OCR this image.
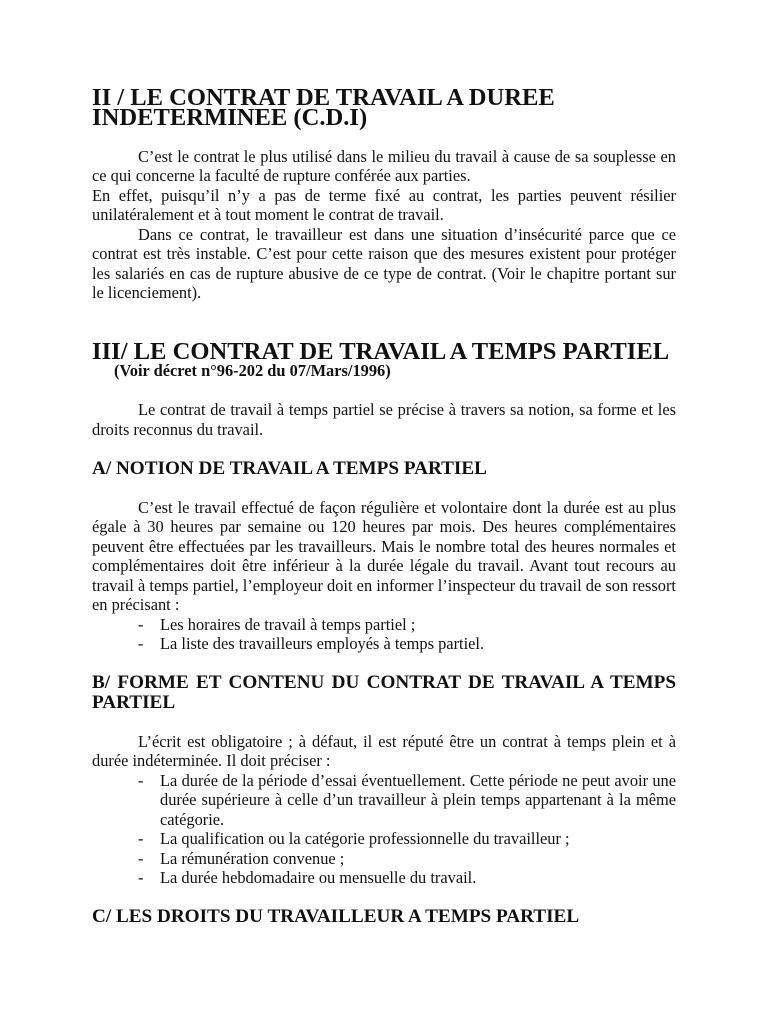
II / LE CONTRAT DE TRAVAIL A DUREE INDETERMINEE (C.D.I)

C’est le contrat le plus utilisé dans le milieu du travail à cause de sa souplesse en ce qui concerne la faculté de rupture conférée aux parties.

En effet, puisqu’il n’y a pas de terme fixé au contrat, les parties peuvent résilier unilatéralement et à tout moment le contrat de travail.

Dans ce contrat, le travailleur est dans une situation d’insécurité parce que ce contrat est très instable. C’est pour cette raison que des mesures existent pour protéger les salariés en cas de rupture abusive de ce type de contrat. (Voir le chapitre portant sur le licenciement).

III/ LE CONTRAT DE TRAVAIL A TEMPS PARTIEL
(Voir décret n°96-202 du 07/Mars/1996)

Le contrat de travail à temps partiel se précise à travers sa notion, sa forme et les droits reconnus du travail.

A/ NOTION DE TRAVAIL A TEMPS PARTIEL

C’est le travail effectué de façon régulière et volontaire dont la durée est au plus égale à 30 heures par semaine ou 120 heures par mois. Des heures complémentaires peuvent être effectuées par les travailleurs. Mais le nombre total des heures normales et complémentaires doit être inférieur à la durée légale du travail. Avant tout recours au travail à temps partiel, l’employeur doit en informer l’inspecteur du travail de son ressort en précisant :

- Les horaires de travail à temps partiel ;
- La liste des travailleurs employés à temps partiel.
B/ FORME ET CONTENU DU CONTRAT DE TRAVAIL A TEMPS PARTIEL

L’écrit est obligatoire ; à défaut, il est réputé être un contrat à temps plein et à durée indéterminée. Il doit préciser :

- La durée de la période d’essai éventuellement. Cette période ne peut avoir une durée supérieure à celle d’un travailleur à plein temps appartenant à la même catégorie.
- La qualification ou la catégorie professionnelle du travailleur ;
- La rémunération convenue ;
- La durée hebdomadaire ou mensuelle du travail.
C/ LES DROITS DU TRAVAILLEUR A TEMPS PARTIEL
